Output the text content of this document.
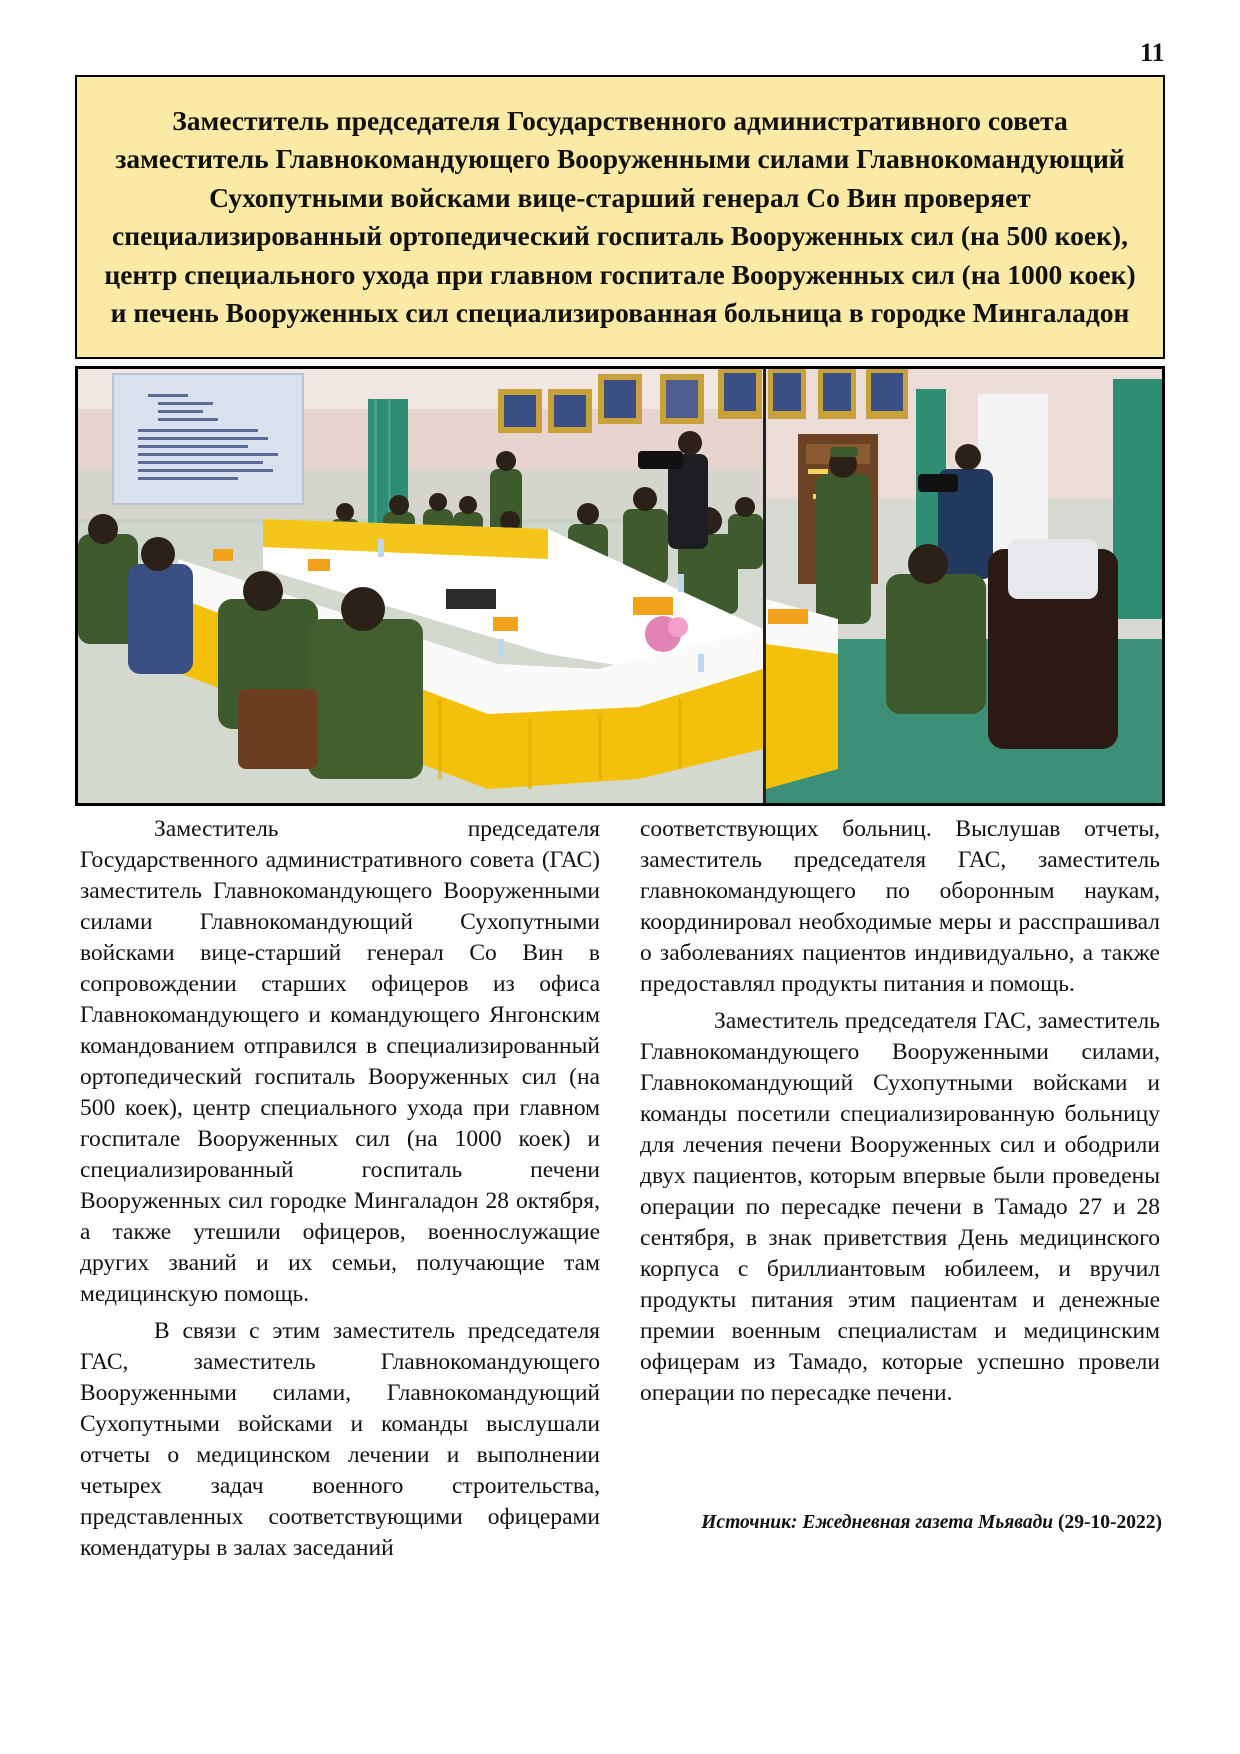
11
Заместитель председателя Государственного административного совета заместитель Главнокомандующего Вооруженными силами Главнокомандующий Сухопутными войсками вице-старший генерал Со Вин проверяет специализированный ортопедический госпиталь Вооруженных сил (на 500 коек), центр специального ухода при главном госпитале Вооруженных сил (на 1000 коек) и печень Вооруженных сил специализированная больница в городке Мингаладон

Заместитель председателя Государственного административного совета (ГАС) заместитель Главнокомандующего Вооруженными силами Главнокомандующий Сухопутными войсками вице-старший генерал Со Вин в сопровождении старших офицеров из офиса Главнокомандующего и командующего Янгонским командованием отправился в специализированный ортопедический госпиталь Вооруженных сил (на 500 коек), центр специального ухода при главном госпитале Вооруженных сил (на 1000 коек) и специализированный госпиталь печени Вооруженных сил городке Мингаладон 28 октября, а также утешили офицеров, военнослужащие других званий и их семьи, получающие там медицинскую помощь.

В связи с этим заместитель председателя ГАС, заместитель Главнокомандующего Вооруженными силами, Главнокомандующий Сухопутными войсками и команды выслушали отчеты о медицинском лечении и выполнении четырех задач военного строительства, представленных соответствующими офицерами комендатуры в залах заседаний

соответствующих больниц. Выслушав отчеты, заместитель председателя ГАС, заместитель главнокомандующего по оборонным наукам, координировал необходимые меры и расспрашивал о заболеваниях пациентов индивидуально, а также предоставлял продукты питания и помощь.

Заместитель председателя ГАС, заместитель Главнокомандующего Вооруженными силами, Главнокомандующий Сухопутными войсками и команды посетили специализированную больницу для лечения печени Вооруженных сил и ободрили двух пациентов, которым впервые были проведены операции по пересадке печени в Тамадо 27 и 28 сентября, в знак приветствия День медицинского корпуса с бриллиантовым юбилеем, и вручил продукты питания этим пациентам и денежные премии военным специалистам и медицинским офицерам из Тамадо, которые успешно провели операции по пересадке печени.

Источник: Ежедневная газета Мьявади (29-10-2022)
